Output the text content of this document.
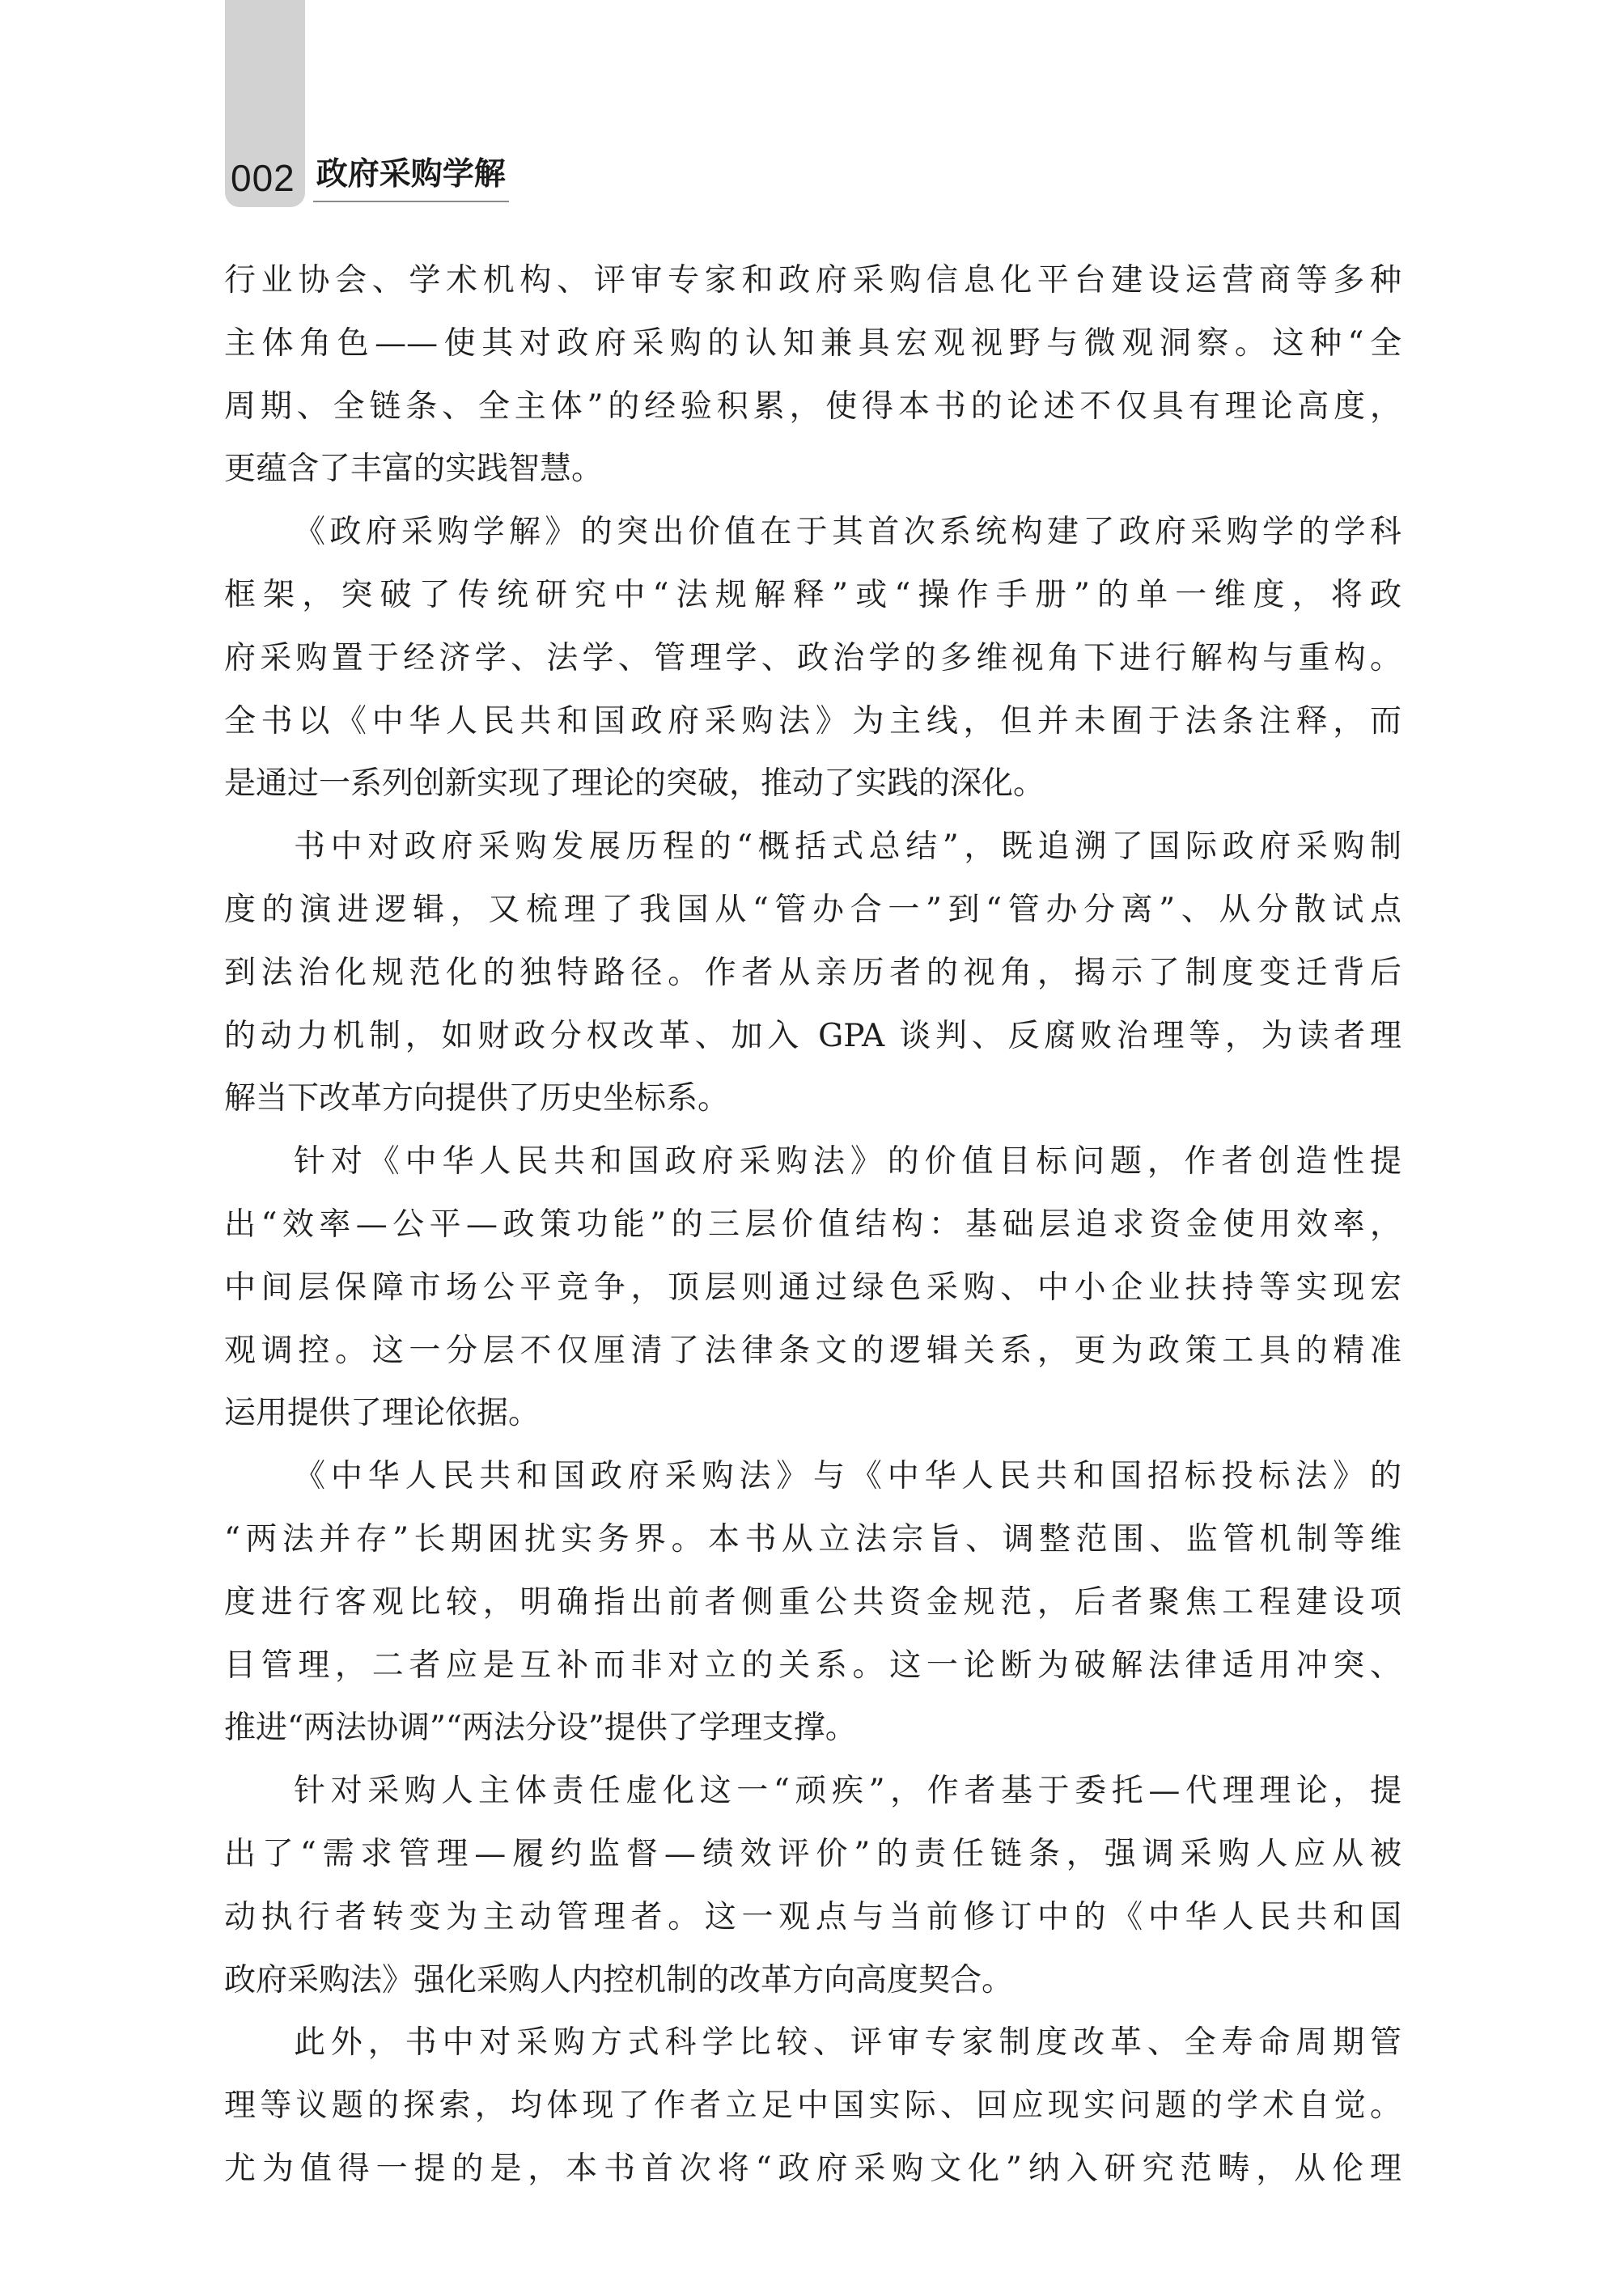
002 政府采购学解
行业协会、学术机构、评审专家和政府采购信息化平台建设运营商等多种
主体角色——使其对政府采购的认知兼具宏观视野与微观洞察。这种“全
周期、全链条、全主体”的经验积累，使得本书的论述不仅具有理论高度，
更蕴含了丰富的实践智慧。
《政府采购学解》的突出价值在于其首次系统构建了政府采购学的学科
框架，突破了传统研究中“法规解释”或“操作手册”的单一维度，将政
府采购置于经济学、法学、管理学、政治学的多维视角下进行解构与重构。
全书以《中华人民共和国政府采购法》为主线，但并未囿于法条注释，而
是通过一系列创新实现了理论的突破，推动了实践的深化。
书中对政府采购发展历程的“概括式总结”，既追溯了国际政府采购制
度的演进逻辑，又梳理了我国从“管办合一”到“管办分离”、从分散试点
到法治化规范化的独特路径。作者从亲历者的视角，揭示了制度变迁背后
的动力机制，如财政分权改革、加入 GPA 谈判、反腐败治理等，为读者理
解当下改革方向提供了历史坐标系。
针对《中华人民共和国政府采购法》的价值目标问题，作者创造性提
出“效率—公平—政策功能”的三层价值结构：基础层追求资金使用效率，
中间层保障市场公平竞争，顶层则通过绿色采购、中小企业扶持等实现宏
观调控。这一分层不仅厘清了法律条文的逻辑关系，更为政策工具的精准
运用提供了理论依据。
《中华人民共和国政府采购法》与《中华人民共和国招标投标法》的
“两法并存”长期困扰实务界。本书从立法宗旨、调整范围、监管机制等维
度进行客观比较，明确指出前者侧重公共资金规范，后者聚焦工程建设项
目管理，二者应是互补而非对立的关系。这一论断为破解法律适用冲突、
推进“两法协调”“两法分设”提供了学理支撑。
针对采购人主体责任虚化这一“顽疾”，作者基于委托—代理理论，提
出了“需求管理—履约监督—绩效评价”的责任链条，强调采购人应从被
动执行者转变为主动管理者。这一观点与当前修订中的《中华人民共和国
政府采购法》强化采购人内控机制的改革方向高度契合。
此外，书中对采购方式科学比较、评审专家制度改革、全寿命周期管
理等议题的探索，均体现了作者立足中国实际、回应现实问题的学术自觉。
尤为值得一提的是，本书首次将“政府采购文化”纳入研究范畴，从伦理
